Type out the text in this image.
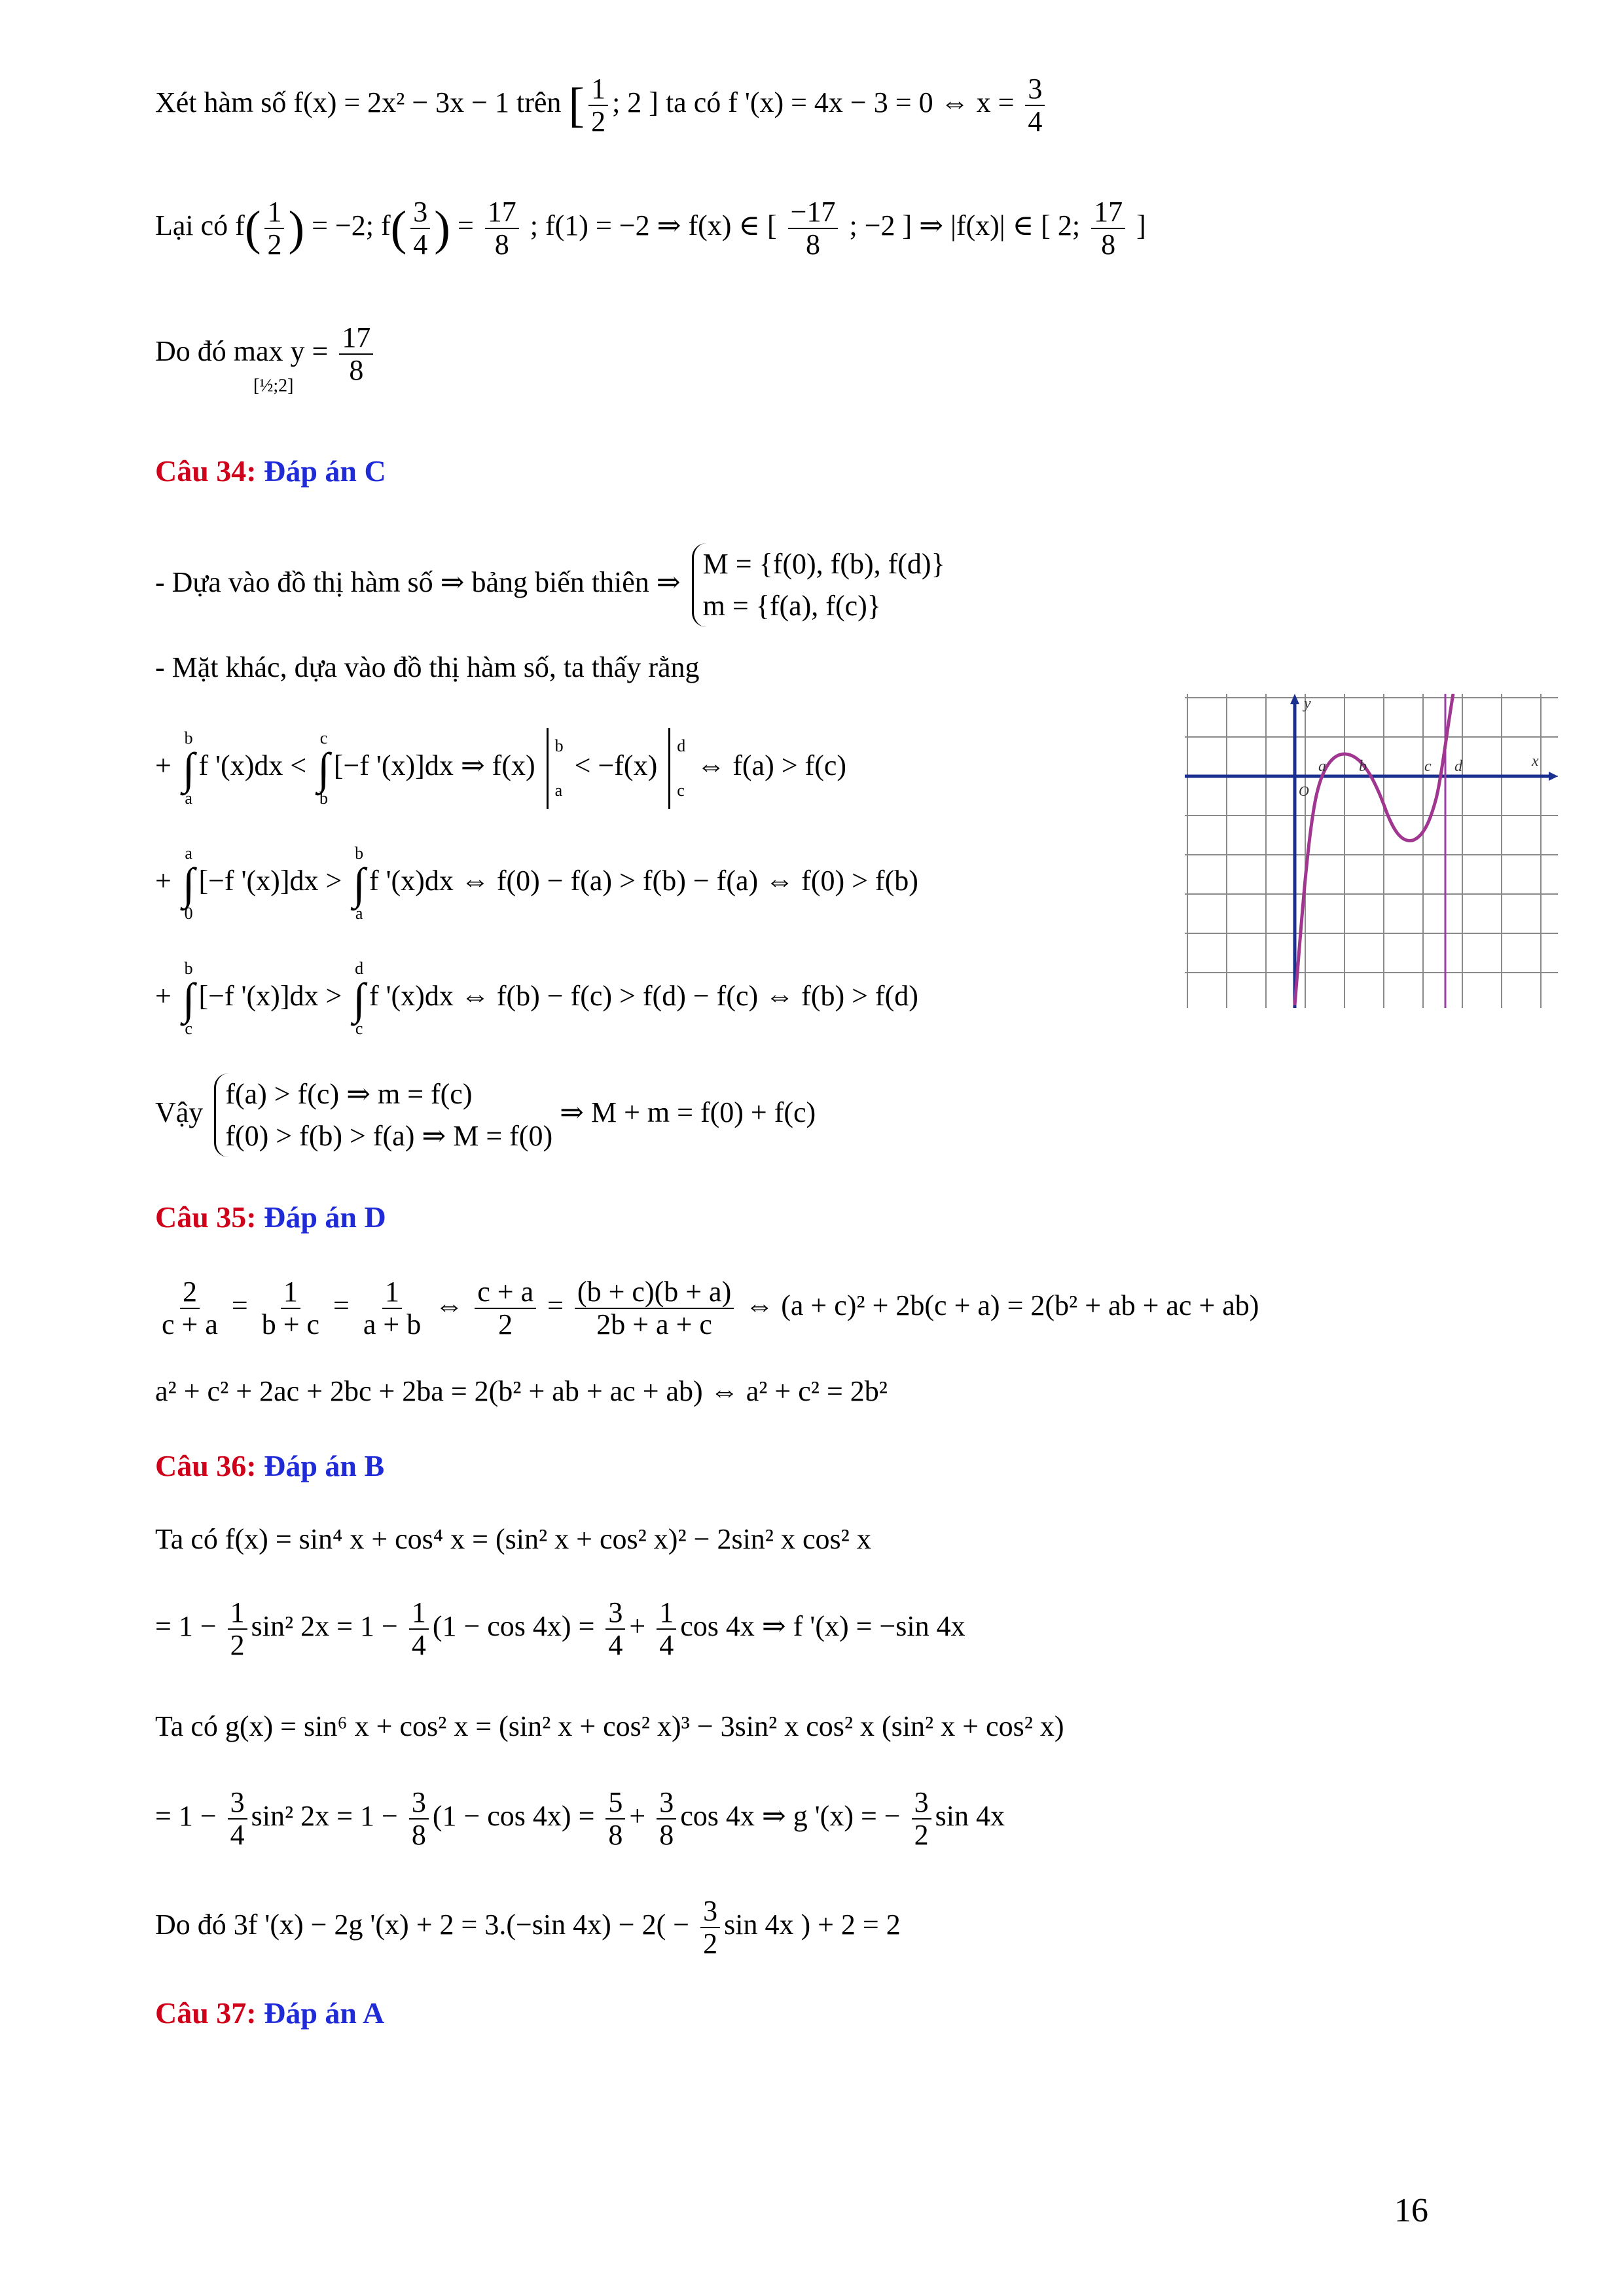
Xét hàm số f(x) = 2x² − 3x − 1 trên [ $\frac{1}{2}$ ; 2 ] ta có f '(x) = 4x − 3 = 0 ⇔ $x = \frac{3}{4}$
Lại có $f( \frac{1}{2}$ ) = −2; $f( \frac{3}{4}$ ) = $\frac{17}{8}$ ; f(1) = −2 ⇒ f(x) ∈ [ $\frac{-17}{8}$ ; −2 ] ⇒ |f(x)| ∈ [ 2; $\frac{17}{8}$ ]
Do đó $\max y = \frac{17}{8}$
[½;2]
Câu 34: Đáp án C
- Dựa vào đồ thị hàm số ⇒ bảng biến thiên ⇒
M = {f(0), f(b), f(d)}
m = {f(a), f(c)}
- Mặt khác, dựa vào đồ thị hàm số, ta thấy rằng
+
b
∫
a
f '(x)dx <
c
∫
b
[−f '(x)]dx ⇒ f(x)
b
a
< −f(x)
d
c
⇔ f(a) > f(c)
+
a
∫
0
[−f '(x)]dx >
b
∫
a
f '(x)dx ⇔ f(0) − f(a) > f(b) − f(a) ⇔ f(0) > f(b)
+
b
∫
c
[−f '(x)]dx >
d
∫
c
f '(x)dx ⇔ f(b) − f(c) > f(d) − f(c) ⇔ f(b) > f(d)
Vậy
f(a) > f(c) ⇒ m = f(c)
f(0) > f(b) > f(a) ⇒ M = f(0)
⇒ M + m = f(0) + f(c)
y
x
O
a b	c d
Câu 35: Đáp án D
$\frac{2}{c + a} = \frac{1}{b + c} = \frac{1}{a + b}$ ⇔ $\frac{c + a}{2} = \frac{(b + c)(b + a)}{2b + a + c}$ ⇔ (a + c)² + 2b(c + a) = 2(b² + ab + ac + ab)
a² + c² + 2ac + 2bc + 2ba = 2(b² + ab + ac + ab) ⇔ a² + c² = 2b²
Câu 36: Đáp án B
Ta có f(x) = sin⁴ x + cos⁴ x = (sin² x + cos² x)² − 2sin² x cos² x
= $1 - \frac{1}{2} \sin^2$ $2x = 1 - \frac{1}{4} (1 - \cos 4x) = \frac{3}{4} + \frac{1}{4}$ cos 4x ⇒ f '(x) = −sin 4x
Ta có g(x) = sin⁶ x + cos² x = (sin² x + cos² x)³ − 3sin² x cos² x (sin² x + cos² x)
= $1 - \frac{3}{4} \sin^2$ $2x = 1 - \frac{3}{8} (1 - \cos 4x) = \frac{5}{8} + \frac{3}{8}$ cos 4x ⇒ g '(x) = − $\frac{3}{2}$ sin 4x
Do đó 3f '(x) − 2g '(x) + 2 = 3.(−sin $4x) - 2( - \frac{3}{2}$ sin 4x ) + 2 = 2
Câu 37: Đáp án A
16
